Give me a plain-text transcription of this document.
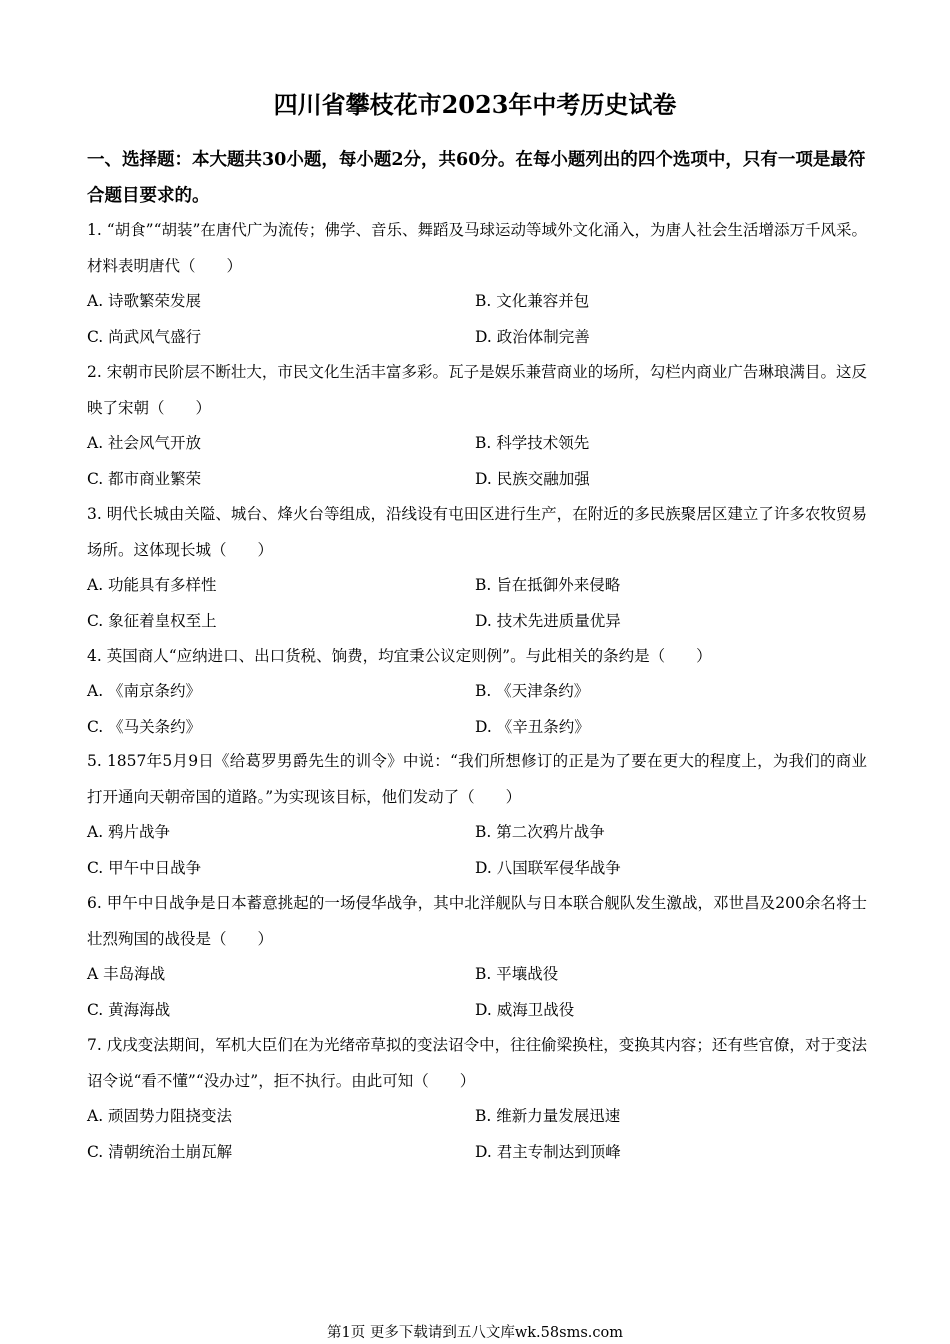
四川省攀枝花市2023年中考历史试卷

一、选择题：本大题共30小题，每小题2分，共60分。在每小题列出的四个选项中，只有一项是最符合题目要求的。

1. “胡食”“胡装”在唐代广为流传；佛学、音乐、舞蹈及马球运动等域外文化涌入，为唐人社会生活增添万千风采。材料表明唐代（　　）

A. 诗歌繁荣发展	B. 文化兼容并包
C. 尚武风气盛行	D. 政治体制完善

2. 宋朝市民阶层不断壮大，市民文化生活丰富多彩。瓦子是娱乐兼营商业的场所，勾栏内商业广告琳琅满目。这反映了宋朝（　　）

A. 社会风气开放	B. 科学技术领先
C. 都市商业繁荣	D. 民族交融加强

3. 明代长城由关隘、城台、烽火台等组成，沿线设有屯田区进行生产，在附近的多民族聚居区建立了许多农牧贸易场所。这体现长城（　　）

A. 功能具有多样性	B. 旨在抵御外来侵略
C. 象征着皇权至上	D. 技术先进质量优异

4. 英国商人“应纳进口、出口货税、饷费，均宜秉公议定则例”。与此相关的条约是（　　）

A. 《南京条约》	B. 《天津条约》
C. 《马关条约》	D. 《辛丑条约》

5. 1857年5月9日《给葛罗男爵先生的训令》中说：“我们所想修订的正是为了要在更大的程度上，为我们的商业打开通向天朝帝国的道路。”为实现该目标，他们发动了（　　）

A. 鸦片战争	B. 第二次鸦片战争
C. 甲午中日战争	D. 八国联军侵华战争

6. 甲午中日战争是日本蓄意挑起的一场侵华战争，其中北洋舰队与日本联合舰队发生激战，邓世昌及200余名将士壮烈殉国的战役是（　　）

A 丰岛海战	B. 平壤战役
C. 黄海海战	D. 威海卫战役

7. 戊戌变法期间，军机大臣们在为光绪帝草拟的变法诏令中，往往偷梁换柱，变换其内容；还有些官僚，对于变法诏令说“看不懂”“没办过”，拒不执行。由此可知（　　）

A. 顽固势力阻挠变法	B. 维新力量发展迅速
C. 清朝统治土崩瓦解	D. 君主专制达到顶峰
第1页 更多下载请到五八文库wk.58sms.com
